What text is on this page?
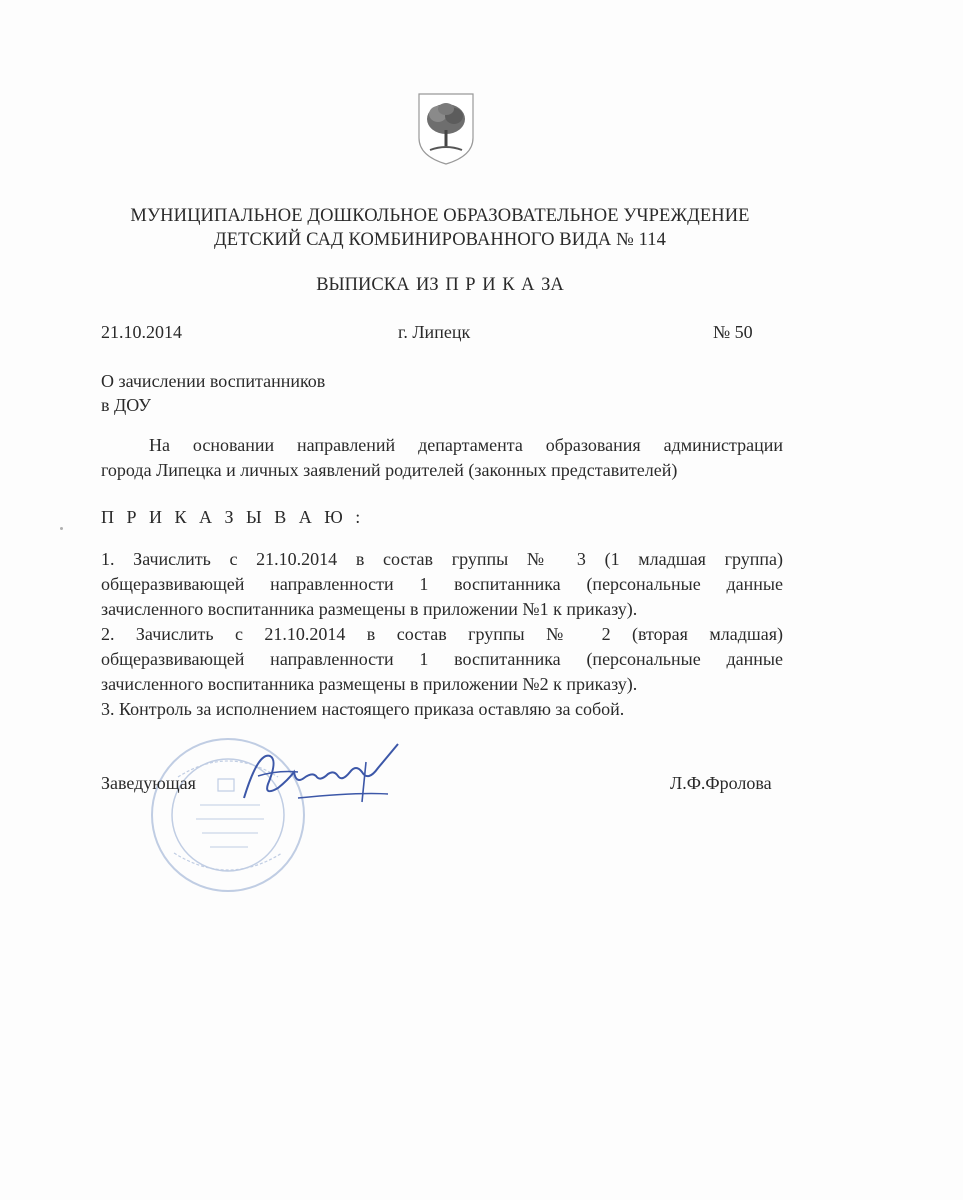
МУНИЦИПАЛЬНОЕ ДОШКОЛЬНОЕ ОБРАЗОВАТЕЛЬНОЕ УЧРЕЖДЕНИЕ
ДЕТСКИЙ САД КОМБИНИРОВАННОГО ВИДА № 114
ВЫПИСКА ИЗ П Р И К А ЗА
21.10.2014	г. Липецк	№ 50
О зачислении воспитанников
в ДОУ
На основании направлений департамента образования администрации
города Липецка и личных заявлений родителей (законных представителей)
П Р И К А З Ы В А Ю :
1. Зачислить с 21.10.2014 в состав группы № 3 (1 младшая группа)
общеразвивающей направленности 1 воспитанника (персональные данные
зачисленного воспитанника размещены в приложении №1 к приказу).
2. Зачислить с 21.10.2014 в состав группы № 2 (вторая младшая)
общеразвивающей направленности 1 воспитанника (персональные данные
зачисленного воспитанника размещены в приложении №2 к приказу).
3. Контроль за исполнением настоящего приказа оставляю за собой.
Заведующая	Л.Ф.Фролова
